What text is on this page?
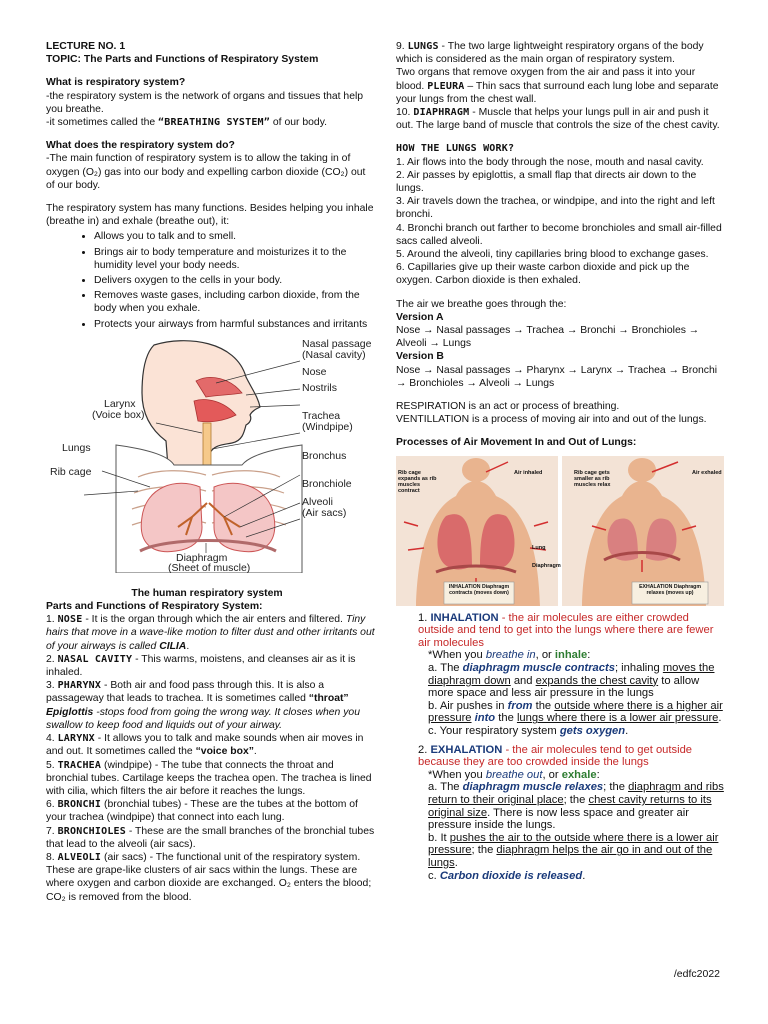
LECTURE NO. 1

TOPIC: The Parts and Functions of Respiratory System

What is respiratory system?

-the respiratory system is the network of organs and tissues that help you breathe.

-it sometimes called the “BREATHING SYSTEM” of our body.

What does the respiratory system do?

-The main function of respiratory system is to allow the taking in of oxygen (O₂) gas into our body and expelling carbon dioxide (CO₂) out of our body.

The respiratory system has many functions. Besides helping you inhale (breathe in) and exhale (breathe out), it:

• Allows you to talk and to smell.
• Brings air to body temperature and moisturizes it to the humidity level your body needs.
• Delivers oxygen to the cells in your body.
• Removes waste gases, including carbon dioxide, from the body when you exhale.
• Protects your airways from harmful substances and irritants
Nasal passage
(Nasal cavity)
Nose
Nostrils
Larynx
(Voice box)	Trachea
(Windpipe)
Lungs
Bronchus
Rib cage
Bronchiole
Alveoli
(Air sacs)
Diaphragm
(Sheet of muscle)

The human respiratory system

Parts and Functions of Respiratory System:

1. NOSE - It is the organ through which the air enters and filtered. Tiny hairs that move in a wave-like motion to filter dust and other irritants out of your airways is called CILIA.

2. NASAL CAVITY - This warms, moistens, and cleanses air as it is inhaled.

3. PHARYNX - Both air and food pass through this. It is also a passageway that leads to trachea. It is sometimes called “throat” Epiglottis -stops food from going the wrong way. It closes when you swallow to keep food and liquids out of your airway.

4. LARYNX - It allows you to talk and make sounds when air moves in and out. It sometimes called the “voice box”.

5. TRACHEA (windpipe) - The tube that connects the throat and bronchial tubes. Cartilage keeps the trachea open. The trachea is lined with cilia, which filters the air before it reaches the lungs.

6. BRONCHI (bronchial tubes) - These are the tubes at the bottom of your trachea (windpipe) that connect into each lung.

7. BRONCHIOLES - These are the small branches of the bronchial tubes that lead to the alveoli (air sacs).

8. ALVEOLI (air sacs) - The functional unit of the respiratory system. These are grape-like clusters of air sacs within the lungs. These are where oxygen and carbon dioxide are exchanged. O₂ enters the blood; CO₂ is removed from the blood.

9. LUNGS - The two large lightweight respiratory organs of the body which is considered as the main organ of respiratory system.
Two organs that remove oxygen from the air and pass it into your blood. PLEURA – Thin sacs that surround each lung lobe and separate your lungs from the chest wall.

10. DIAPHRAGM - Muscle that helps your lungs pull in air and push it out. The large band of muscle that controls the size of the chest cavity.

HOW THE LUNGS WORK?

1. Air flows into the body through the nose, mouth and nasal cavity.

2. Air passes by epiglottis, a small flap that directs air down to the lungs.

3. Air travels down the trachea, or windpipe, and into the right and left bronchi.

4. Bronchi branch out farther to become bronchioles and small air-filled sacs called alveoli.

5. Around the alveoli, tiny capillaries bring blood to exchange gases.

6. Capillaries give up their waste carbon dioxide and pick up the oxygen. Carbon dioxide is then exhaled.

The air we breathe goes through the:

Version A

Nose → Nasal passages → Trachea → Bronchi → Bronchioles → Alveoli → Lungs

Version B

Nose → Nasal passages → Pharynx → Larynx → Trachea → Bronchi → Bronchioles → Alveoli → Lungs

RESPIRATION is an act or process of breathing.

VENTILLATION is a process of moving air into and out of the lungs.

Processes of Air Movement In and Out of Lungs:

Rib cage expands as rib muscles contract
Air inhaled
Lung
Diaphragm
INHALATION Diaphragm contracts (moves down)
Rib cage gets smaller as rib muscles relax
Air exhaled
EXHALATION Diaphragm relaxes (moves up)

1. INHALATION - the air molecules are either crowded outside and tend to get into the lungs where there are fewer air molecules

*When you breathe in, or inhale:

a. The diaphragm muscle contracts; inhaling moves the diaphragm down and expands the chest cavity to allow more space and less air pressure in the lungs

b. Air pushes in from the outside where there is a higher air pressure into the lungs where there is a lower air pressure.

c. Your respiratory system gets oxygen.

2. EXHALATION - the air molecules tend to get outside because they are too crowded inside the lungs

*When you breathe out, or exhale:

a. The diaphragm muscle relaxes; the diaphragm and ribs return to their original place; the chest cavity returns to its original size. There is now less space and greater air pressure inside the lungs.

b. It pushes the air to the outside where there is a lower air pressure; the diaphragm helps the air go in and out of the lungs.

c. Carbon dioxide is released.

/edfc2022
